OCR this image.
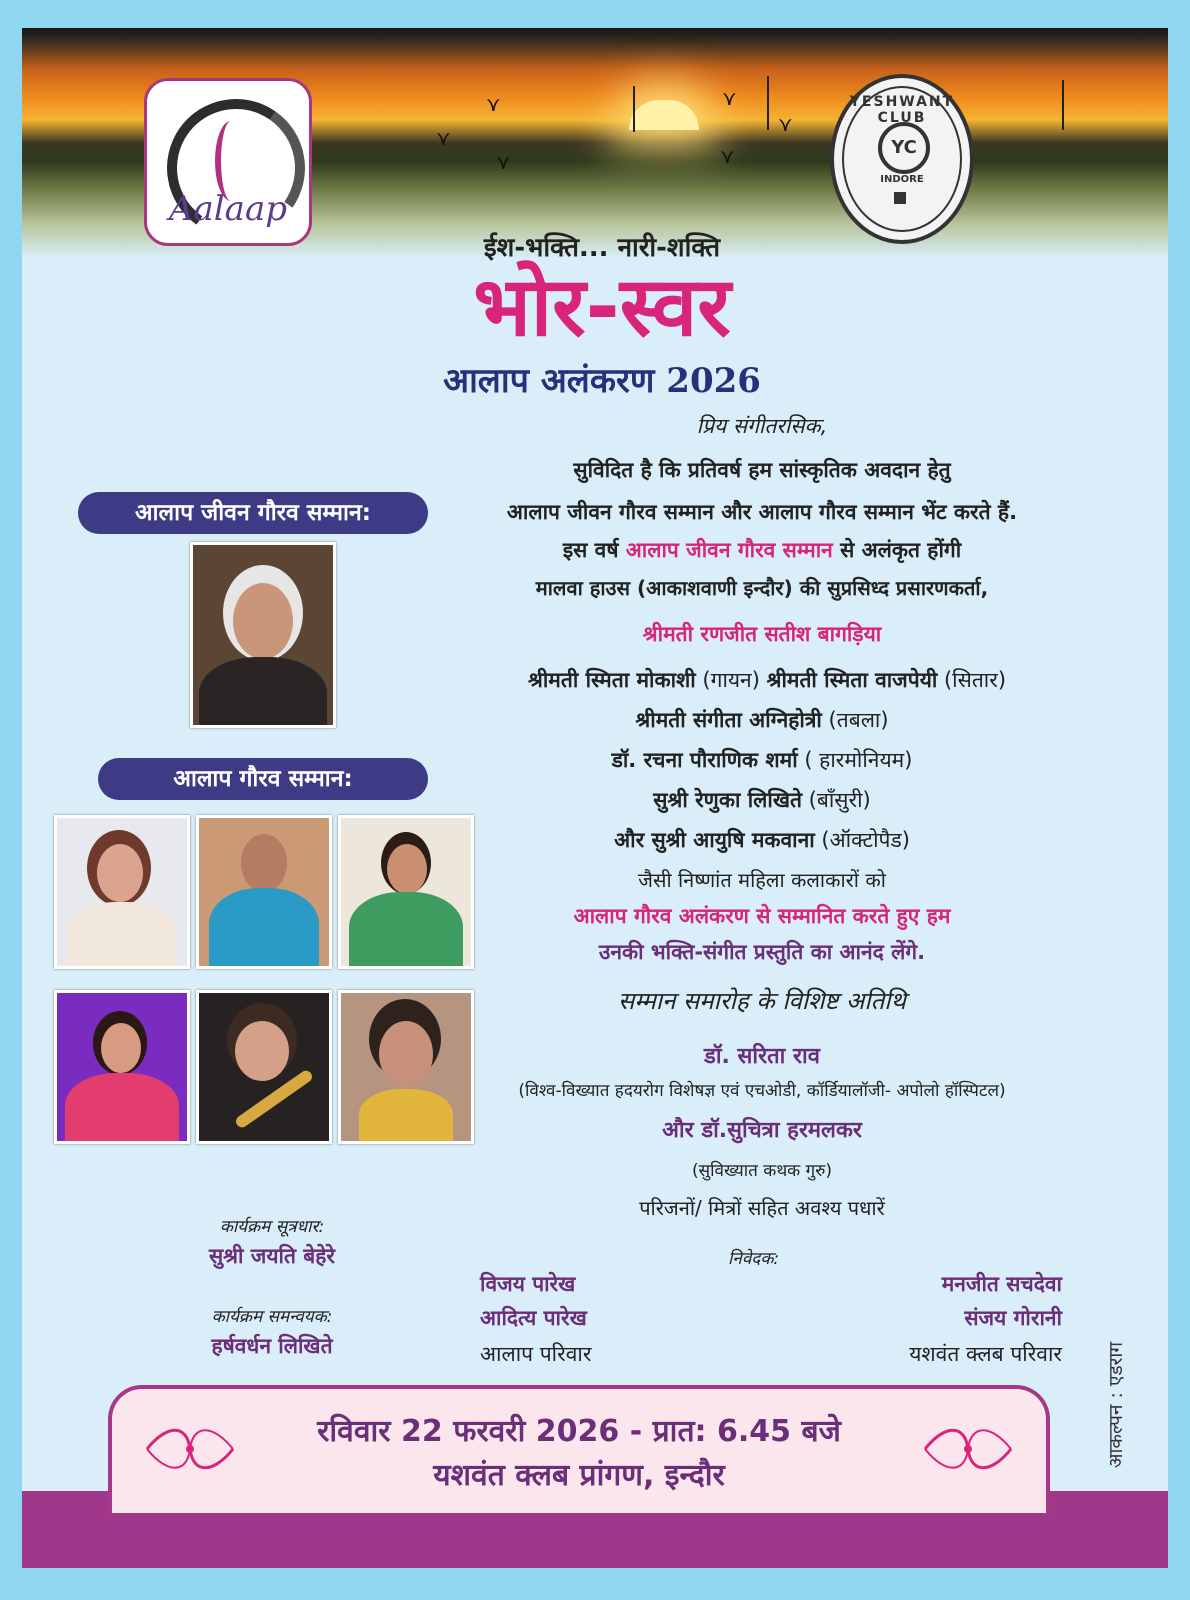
⋎
⋎
⋎
⋎
⋎
⋎
Aalaap
YESHWANT CLUB
YC
INDORE
ईश-भक्ति... नारी-शक्ति
भोर-स्वर
आलाप अलंकरण 2026
प्रिय संगीतरसिक,
सुविदित है कि प्रतिवर्ष हम सांस्कृतिक अवदान हेतु
आलाप जीवन गौरव सम्मान और आलाप गौरव सम्मान भेंट करते हैं.
इस वर्ष आलाप जीवन गौरव सम्मान से अलंकृत होंगी
मालवा हाउस (आकाशवाणी इन्दौर) की सुप्रसिध्द प्रसारणकर्ता,
श्रीमती रणजीत सतीश बागड़िया
श्रीमती स्मिता मोकाशी (गायन) श्रीमती स्मिता वाजपेयी (सितार)
श्रीमती संगीता अग्निहोत्री (तबला)
डॉ. रचना पौराणिक शर्मा ( हारमोनियम)
सुश्री रेणुका लिखिते (बाँसुरी)
और सुश्री आयुषि मकवाना (ऑक्टोपैड)
जैसी निष्णांत महिला कलाकारों को
आलाप गौरव अलंकरण से सम्मानित करते हुए हम
उनकी भक्ति-संगीत प्रस्तुति का आनंद लेंगे.
सम्मान समारोह के विशिष्ट अतिथि
डॉ. सरिता राव
(विश्व-विख्यात हदयरोग विशेषज्ञ एवं एचओडी, कॉर्डियालॉजी- अपोलो हॉस्पिटल)
और डॉ.सुचित्रा हरमलकर
(सुविख्यात कथक गुरु)
परिजनों/ मित्रों सहित अवश्य पधारें
आलाप जीवन गौरव सम्मान:
आलाप गौरव सम्मान:
कार्यक्रम सूत्रधार:
सुश्री जयति बेहेरे
कार्यक्रम समन्वयक:
हर्षवर्धन लिखिते
निवेदक:
विजय पारेख
आदित्य पारेख
आलाप परिवार
मनजीत सचदेवा
संजय गोरानी
यशवंत क्लब परिवार
रविवार 22 फरवरी 2026 - प्रात: 6.45 बजे
यशवंत क्लब प्रांगण, इन्दौर
आकल्पन : एडराग
